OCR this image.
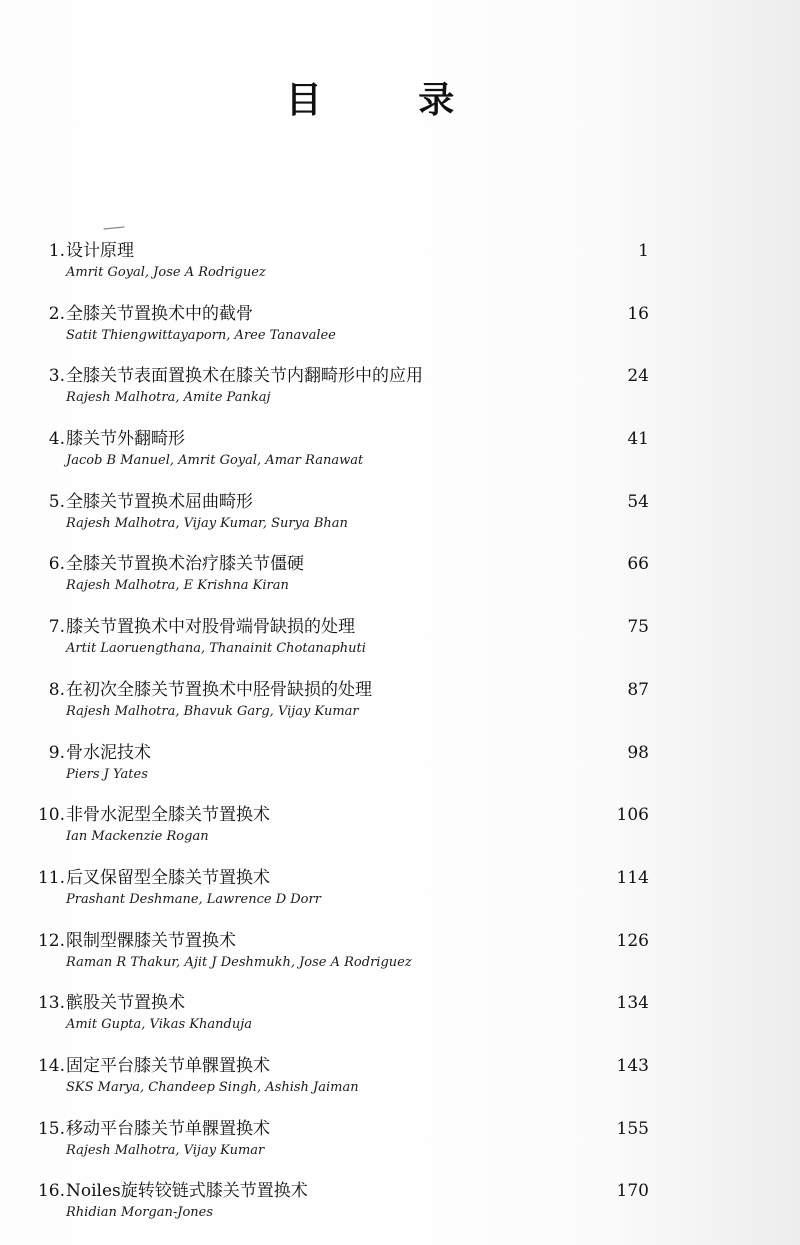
目 录
1. 设计原理
Amrit Goyal, Jose A Rodriguez
1
2. 全膝关节置换术中的截骨
Satit Thiengwittayaporn, Aree Tanavalee
16
3. 全膝关节表面置换术在膝关节内翻畸形中的应用
Rajesh Malhotra, Amite Pankaj
24
4. 膝关节外翻畸形
Jacob B Manuel, Amrit Goyal, Amar Ranawat
41
5. 全膝关节置换术屈曲畸形
Rajesh Malhotra, Vijay Kumar, Surya Bhan
54
6. 全膝关节置换术治疗膝关节僵硬
Rajesh Malhotra, E Krishna Kiran
66
7. 膝关节置换术中对股骨端骨缺损的处理
Artit Laoruengthana, Thanainit Chotanaphuti
75
8. 在初次全膝关节置换术中胫骨缺损的处理
Rajesh Malhotra, Bhavuk Garg, Vijay Kumar
87
9. 骨水泥技术
Piers J Yates
98
10. 非骨水泥型全膝关节置换术
Ian Mackenzie Rogan
106
11. 后叉保留型全膝关节置换术
Prashant Deshmane, Lawrence D Dorr
114
12. 限制型髁膝关节置换术
Raman R Thakur, Ajit J Deshmukh, Jose A Rodriguez
126
13. 髌股关节置换术
Amit Gupta, Vikas Khanduja
134
14. 固定平台膝关节单髁置换术
SKS Marya, Chandeep Singh, Ashish Jaiman
143
15. 移动平台膝关节单髁置换术
Rajesh Malhotra, Vijay Kumar
155
16. Noiles旋转铰链式膝关节置换术
Rhidian Morgan-Jones
170
